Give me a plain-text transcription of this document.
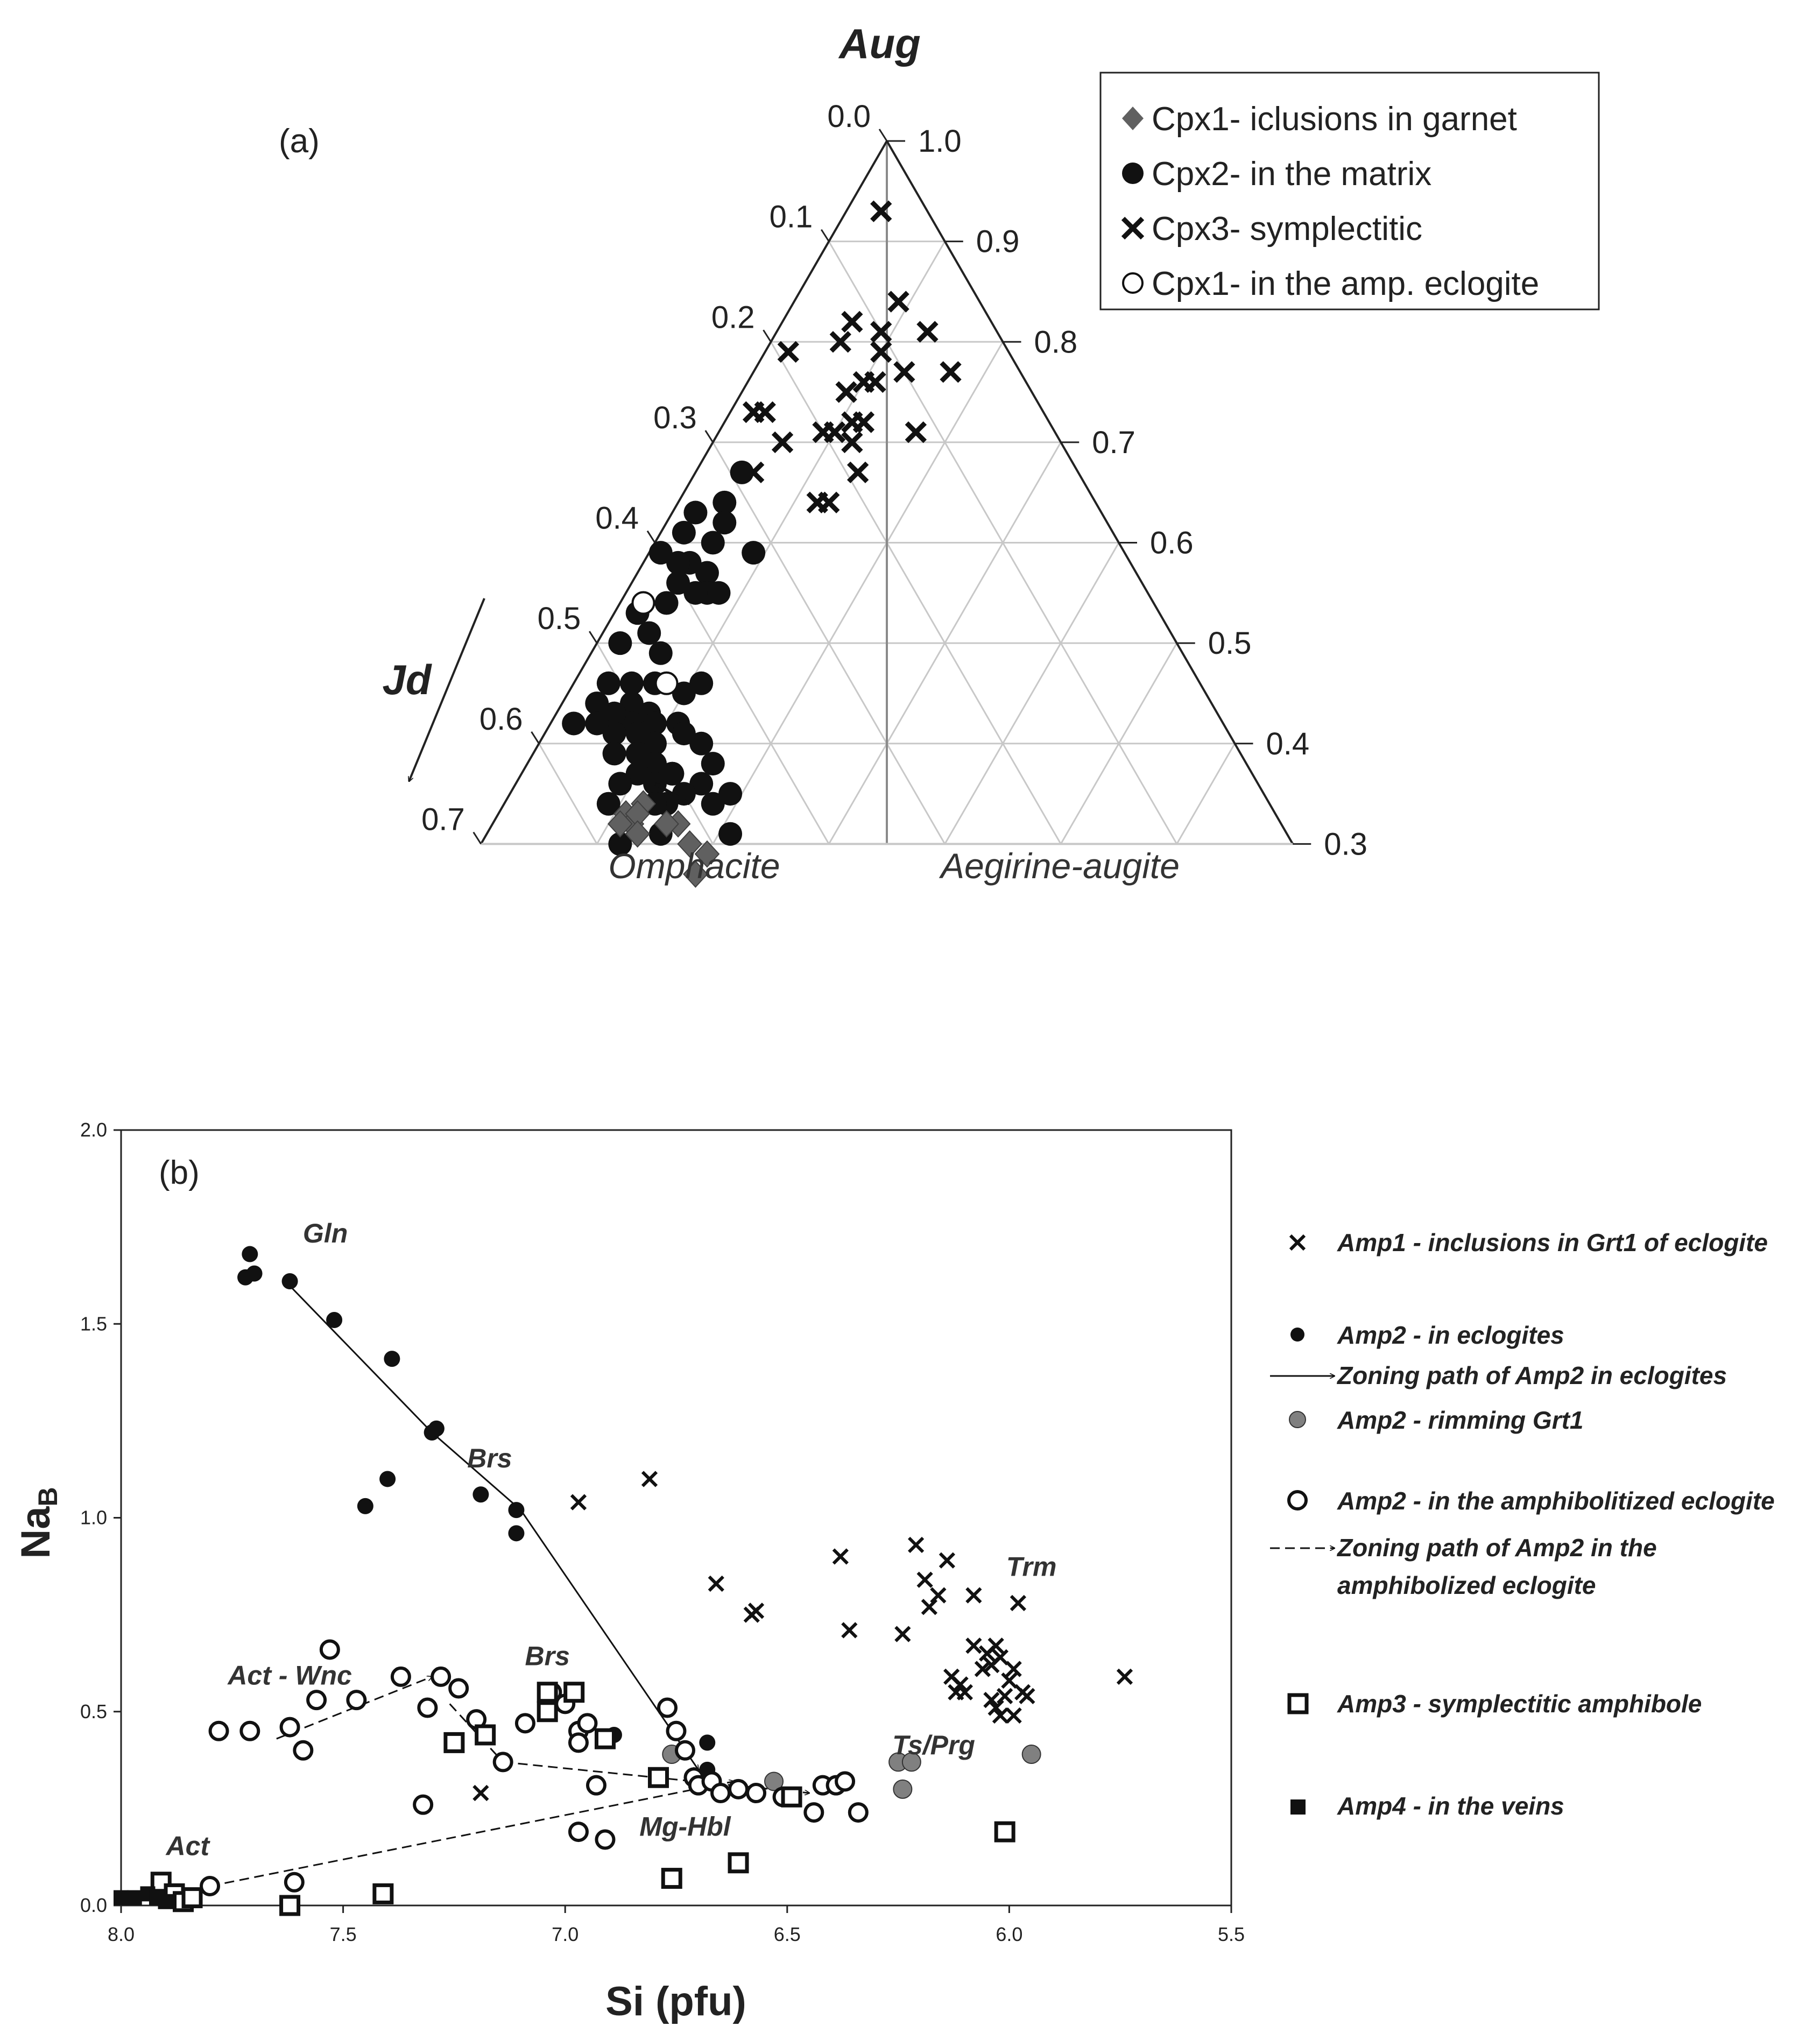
0.0
0.1
0.2
0.3
0.4
0.5
0.6
0.7
1.0
0.9
0.8
0.7
0.6
0.5
0.4
0.3
(a)
Aug
Jd
Omphacite	Aegirine-augite
Cpx1- iclusions in garnet
Cpx2- in the matrix
Cpx3- symplectitic
Cpx1- in the amp. eclogite
8.0	7.5	7.0	6.5	6.0	5.5
0.0
0.5
1.0
1.5
2.0
Gln
Brs
Brs
Act - Wnc
Trm
Ts/Prg
Mg-Hbl
Act
(b)
Si (pfu)
NaB
Amp1 - inclusions in Grt1 of eclogite
Amp2 - in eclogites
Zoning path of Amp2 in eclogites
Amp2 - rimming Grt1
Amp2 - in the amphibolitized eclogite
Zoning path of Amp2 in the
amphibolized eclogite
Amp3 - symplectitic amphibole
Amp4 - in the veins
